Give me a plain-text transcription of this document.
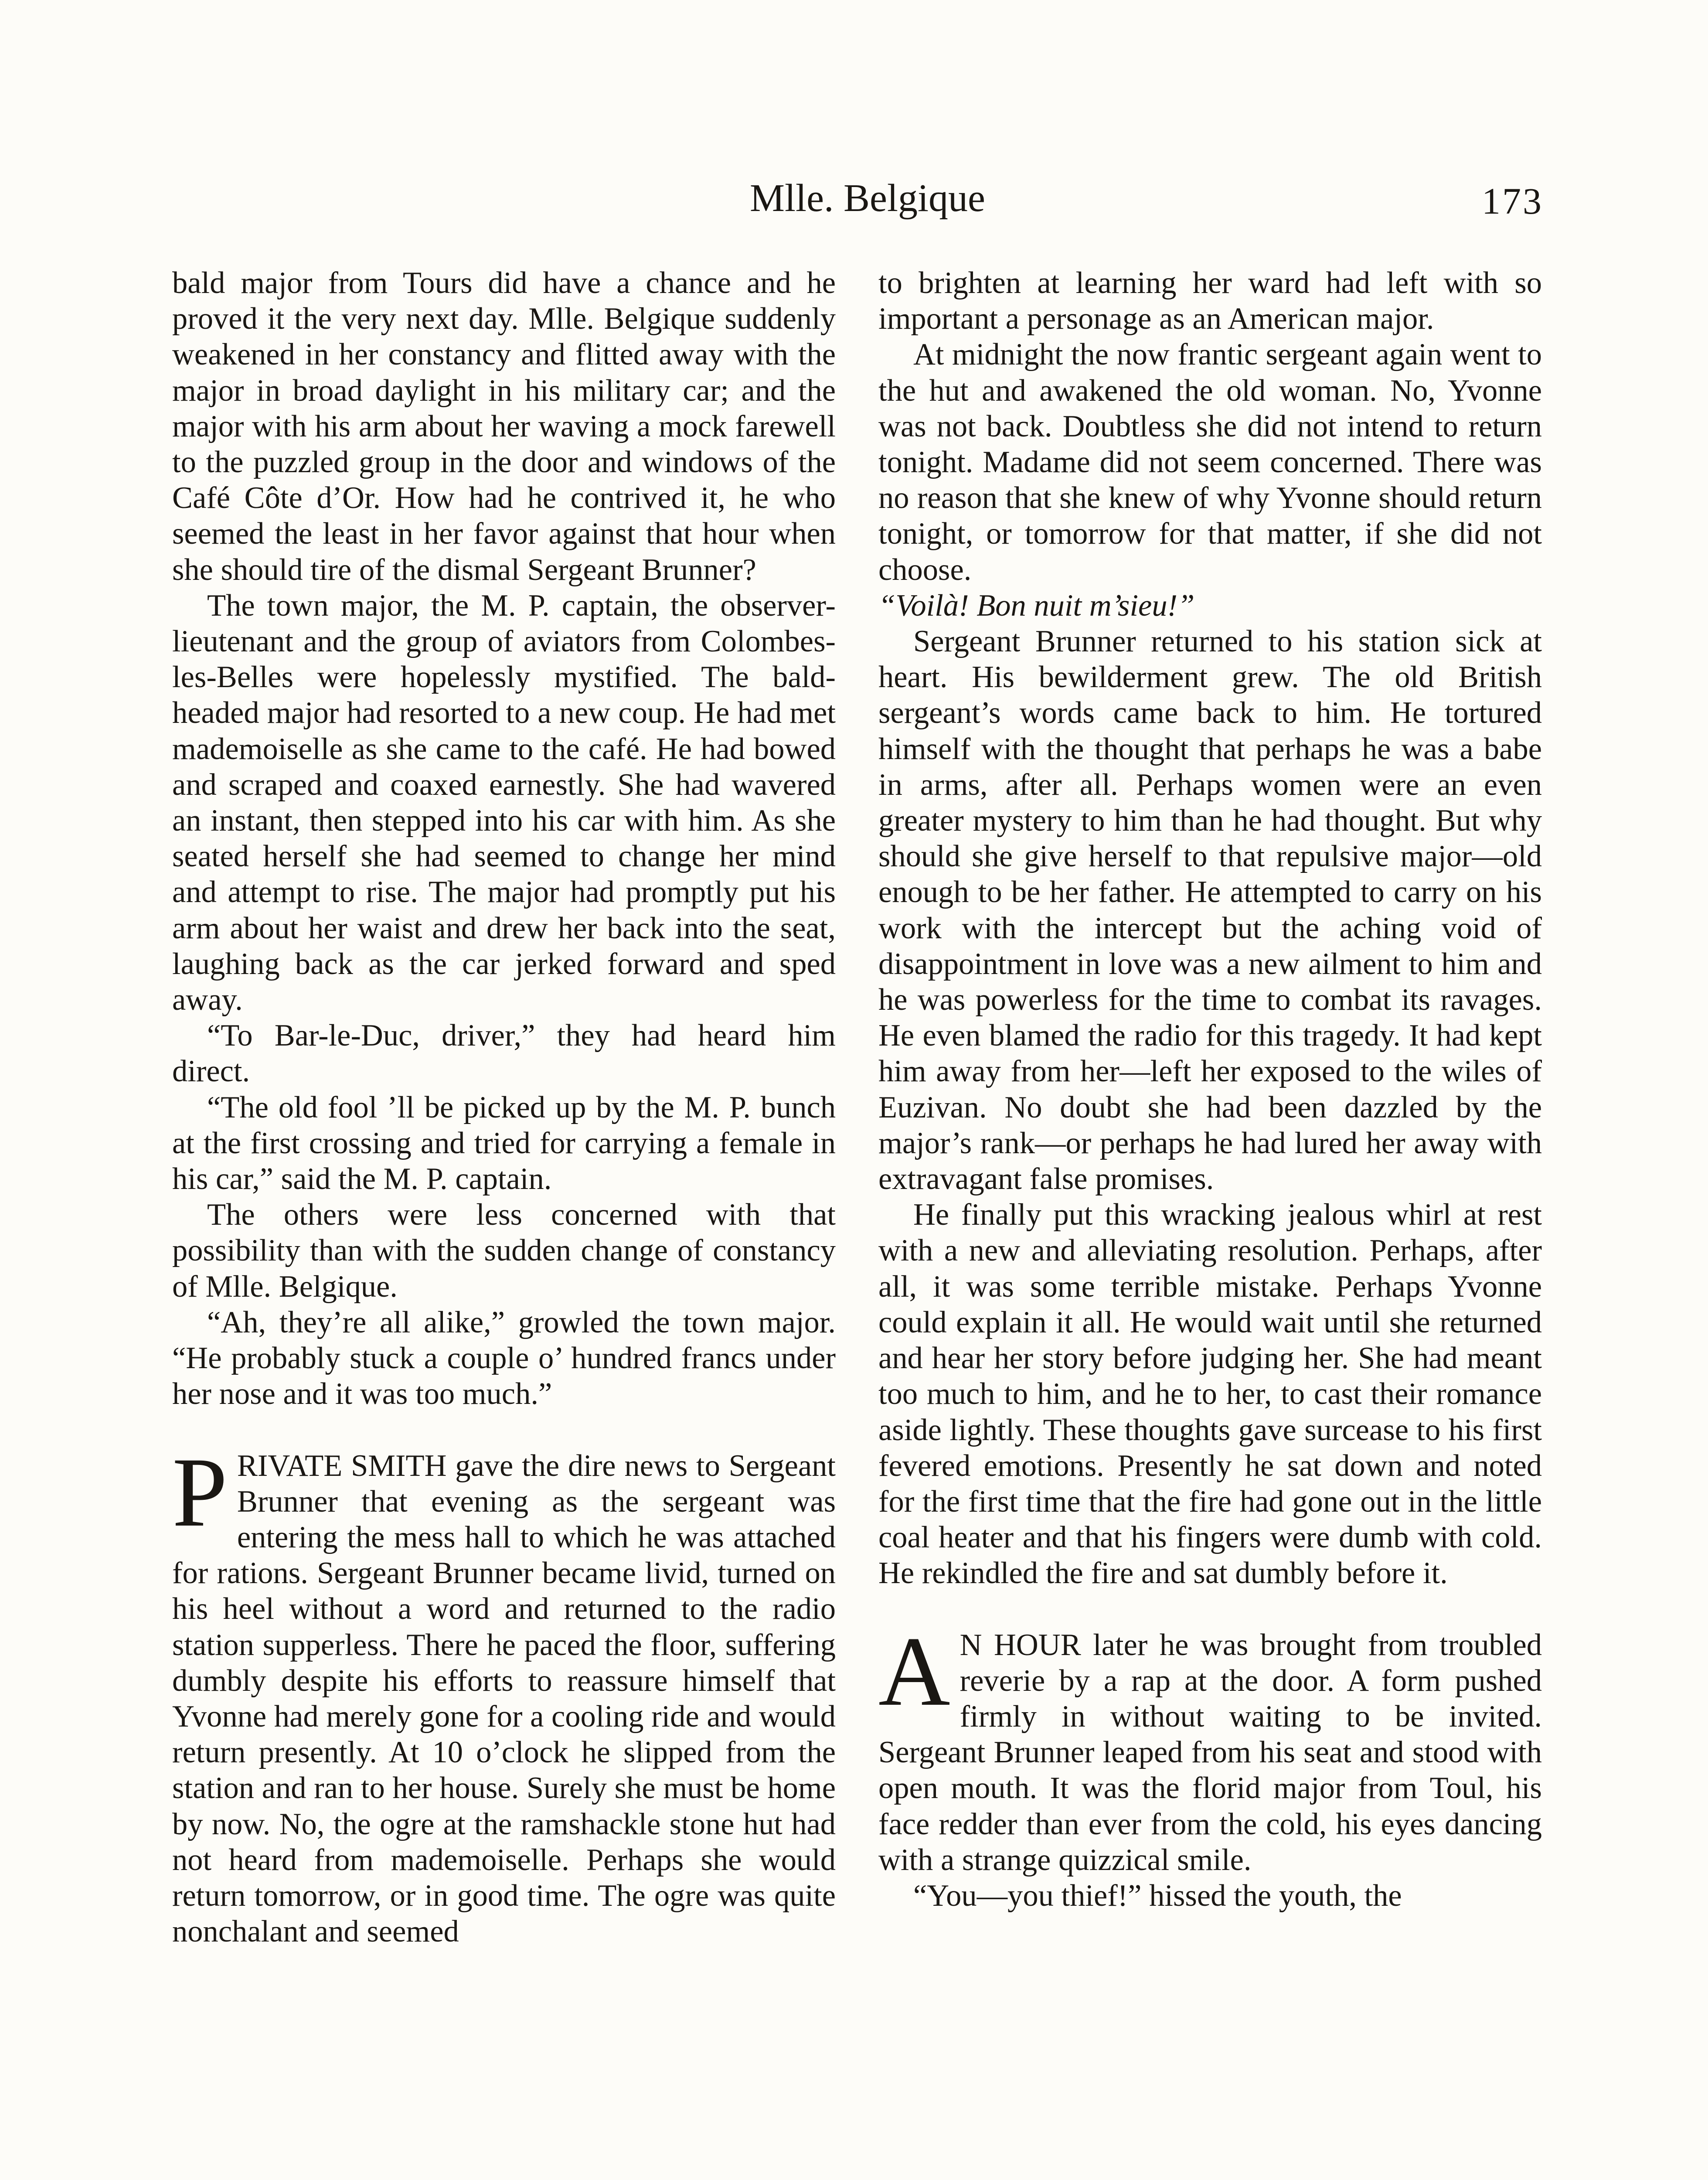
Mlle. Belgique	173

bald major from Tours did have a chance and he proved it the very next day. Mlle. Belgique suddenly weakened in her constancy and flitted away with the major in broad daylight in his military car; and the major with his arm about her waving a mock farewell to the puzzled group in the door and windows of the Café Côte d’Or. How had he contrived it, he who seemed the least in her favor against that hour when she should tire of the dismal Sergeant Brunner?

The town major, the M. P. captain, the observer-lieutenant and the group of aviators from Colombes-les-Belles were hopelessly mystified. The bald-headed major had resorted to a new coup. He had met mademoiselle as she came to the café. He had bowed and scraped and coaxed earnestly. She had wavered an instant, then stepped into his car with him. As she seated herself she had seemed to change her mind and attempt to rise. The major had promptly put his arm about her waist and drew her back into the seat, laughing back as the car jerked forward and sped away.

“To Bar-le-Duc, driver,” they had heard him direct.

“The old fool ’ll be picked up by the M. P. bunch at the first crossing and tried for carrying a female in his car,” said the M. P. captain.

The others were less concerned with that possibility than with the sudden change of constancy of Mlle. Belgique.

“Ah, they’re all alike,” growled the town major. “He probably stuck a couple o’ hundred francs under her nose and it was too much.”

PRIVATE SMITH gave the dire news to Sergeant Brunner that evening as the sergeant was entering the mess hall to which he was attached for rations. Sergeant Brunner became livid, turned on his heel without a word and returned to the radio station supperless. There he paced the floor, suffering dumbly despite his efforts to reassure himself that Yvonne had merely gone for a cooling ride and would return presently. At 10 o’clock he slipped from the station and ran to her house. Surely she must be home by now. No, the ogre at the ramshackle stone hut had not heard from mademoiselle. Perhaps she would return tomorrow, or in good time. The ogre was quite nonchalant and seemed

to brighten at learning her ward had left with so important a personage as an American major.

At midnight the now frantic sergeant again went to the hut and awakened the old woman. No, Yvonne was not back. Doubtless she did not intend to return tonight. Madame did not seem concerned. There was no reason that she knew of why Yvonne should return tonight, or tomorrow for that matter, if she did not choose.

“Voilà! Bon nuit m’sieu!”

Sergeant Brunner returned to his station sick at heart. His bewilderment grew. The old British sergeant’s words came back to him. He tortured himself with the thought that perhaps he was a babe in arms, after all. Perhaps women were an even greater mystery to him than he had thought. But why should she give herself to that repulsive major—old enough to be her father. He attempted to carry on his work with the intercept but the aching void of disappointment in love was a new ailment to him and he was powerless for the time to combat its ravages. He even blamed the radio for this tragedy. It had kept him away from her—left her exposed to the wiles of Euzivan. No doubt she had been dazzled by the major’s rank—or perhaps he had lured her away with extravagant false promises.

He finally put this wracking jealous whirl at rest with a new and alleviating resolution. Perhaps, after all, it was some terrible mistake. Perhaps Yvonne could explain it all. He would wait until she returned and hear her story before judging her. She had meant too much to him, and he to her, to cast their romance aside lightly. These thoughts gave surcease to his first fevered emotions. Presently he sat down and noted for the first time that the fire had gone out in the little coal heater and that his fingers were dumb with cold. He rekindled the fire and sat dumbly before it.

A N HOUR later he was brought from troubled reverie by a rap at the door. A form pushed firmly in without waiting to be invited. Sergeant Brunner leaped from his seat and stood with open mouth. It was the florid major from Toul, his face redder than ever from the cold, his eyes dancing with a strange quizzical smile.

“You—you thief!” hissed the youth, the
